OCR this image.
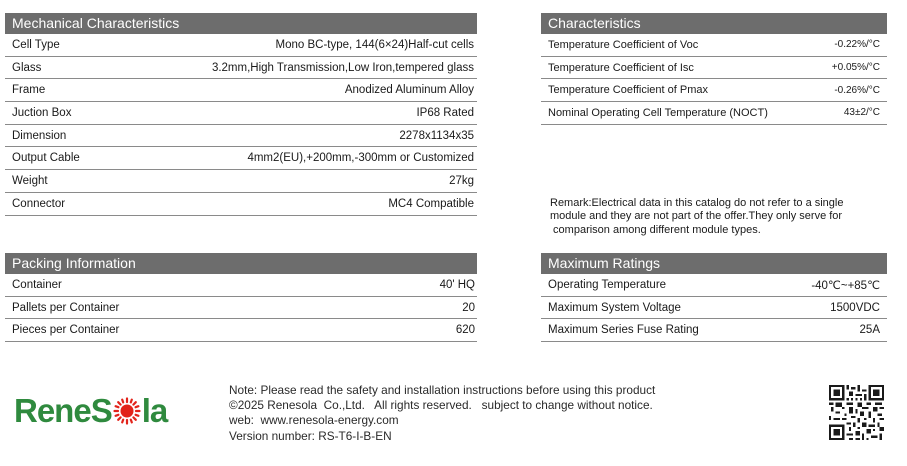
Mechanical Characteristics
Cell Type	Mono BC-type, 144(6×24)Half-cut cells
Glass	3.2mm,High Transmission,Low Iron,tempered glass
Frame	Anodized Aluminum Alloy
Juction Box	IP68 Rated
Dimension	2278x1134x35
Output Cable	4mm2(EU),+200mm,-300mm or Customized
Weight	27kg
Connector	MC4 Compatible
Characteristics
Temperature Coefficient of Voc	-0.22%/°C
Temperature Coefficient of Isc	+0.05%/°C
Temperature Coefficient of Pmax	-0.26%/°C
Nominal Operating Cell Temperature (NOCT)	43±2/°C
Remark:Electrical data in this catalog do not refer to a single
module and they are not part of the offer.They only serve for
comparison among different module types.
Packing Information
Container	40' HQ
Pallets per Container	20
Pieces per Container	620
Maximum Ratings
Operating Temperature	-40℃~+85℃
Maximum System Voltage	1500VDC
Maximum Series Fuse Rating	25A
ReneS la
Note: Please read the safety and installation instructions before using this product
©2025 Renesola  Co.,Ltd.   All rights reserved.   subject to change without notice.
web:  www.renesola-energy.com
Version number: RS-T6-I-B-EN
